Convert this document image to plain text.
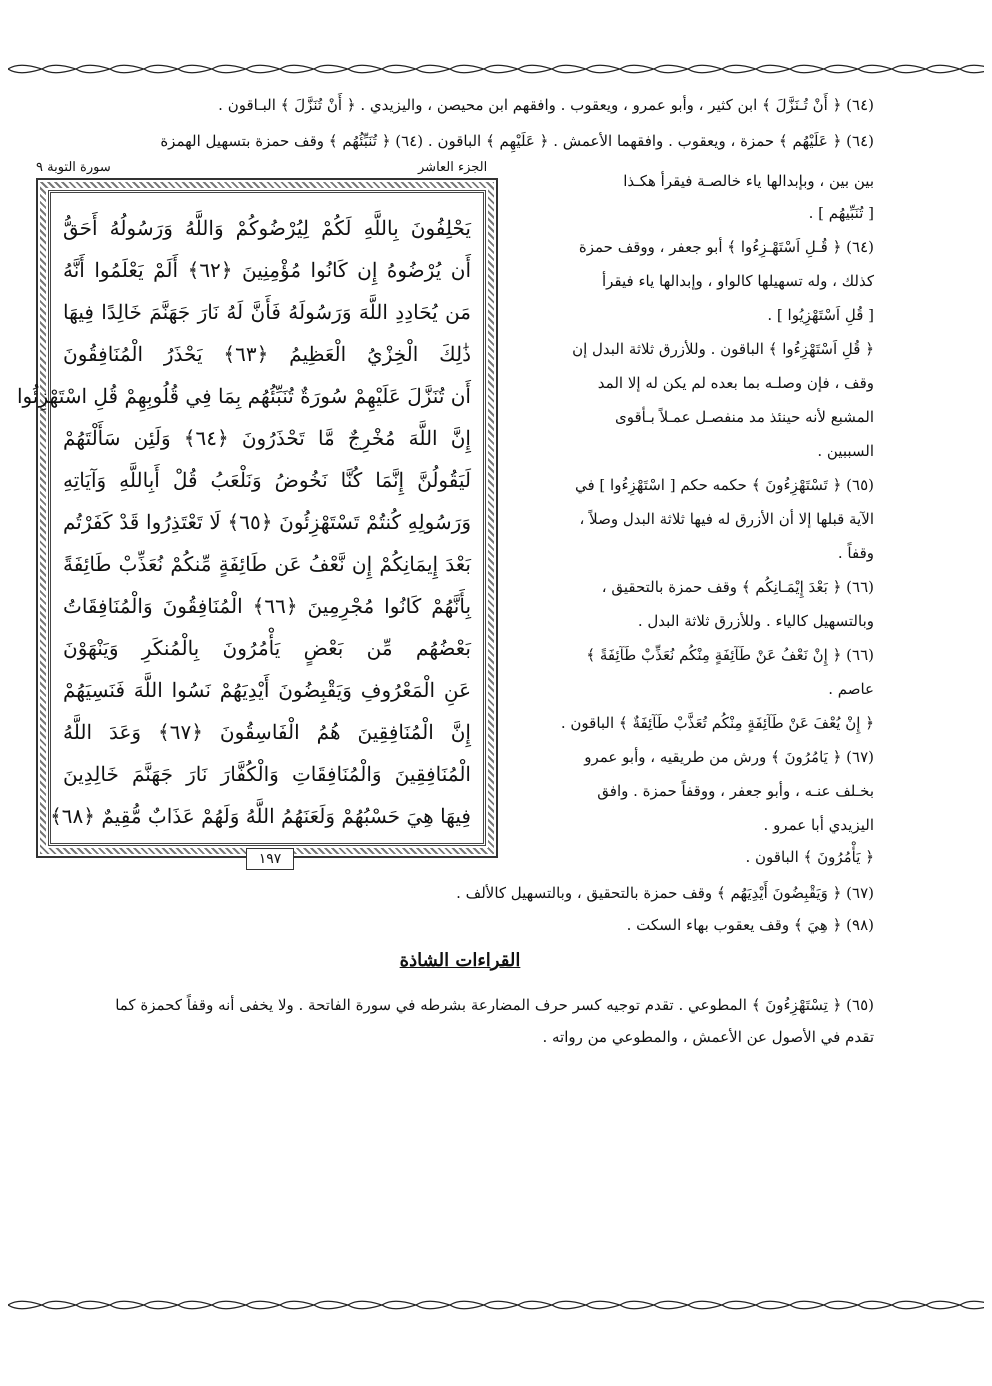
(٦٤) ﴿ أَنْ تُـنَزَّلَ ﴾ ابن كثير ، وأبو عمرو ، ويعقوب . وافقهم ابن محيصن ، واليزيدي . ﴿ أَنْ تُنَزَّلَ ﴾ البـاقون .
(٦٤) ﴿ عَلَيْهُم ﴾ حمزة ، ويعقوب . وافقهما الأعمش . ﴿ عَلَيْهِم ﴾ الباقون . (٦٤) ﴿ تُنَبِّئُهُم ﴾ وقف حمزة بتسهيل الهمزة
الجزء العاشر
سورة التوبة ٩
يَحْلِفُونَ بِاللَّهِ لَكُمْ لِيُرْضُوكُمْ وَاللَّهُ وَرَسُولُهُ أَحَقُّ
أَن يُرْضُوهُ إِن كَانُوا مُؤْمِنِينَ ﴿٦٢﴾ أَلَمْ يَعْلَمُوا أَنَّهُ
مَن يُحَادِدِ اللَّهَ وَرَسُولَهُ فَأَنَّ لَهُ نَارَ جَهَنَّمَ خَالِدًا فِيهَا
ذَٰلِكَ الْخِزْيُ الْعَظِيمُ ﴿٦٣﴾ يَحْذَرُ الْمُنَافِقُونَ
أَن تُنَزَّلَ عَلَيْهِمْ سُورَةٌ تُنَبِّئُهُم بِمَا فِي قُلُوبِهِمْ قُلِ اسْتَهْزِئُوا
إِنَّ اللَّهَ مُخْرِجٌ مَّا تَحْذَرُونَ ﴿٦٤﴾ وَلَئِن سَأَلْتَهُمْ
لَيَقُولُنَّ إِنَّمَا كُنَّا نَخُوضُ وَنَلْعَبُ قُلْ أَبِاللَّهِ وَآيَاتِهِ
وَرَسُولِهِ كُنتُمْ تَسْتَهْزِئُونَ ﴿٦٥﴾ لَا تَعْتَذِرُوا قَدْ كَفَرْتُم
بَعْدَ إِيمَانِكُمْ إِن نَّعْفُ عَن طَائِفَةٍ مِّنكُمْ نُعَذِّبْ طَائِفَةً
بِأَنَّهُمْ كَانُوا مُجْرِمِينَ ﴿٦٦﴾ الْمُنَافِقُونَ وَالْمُنَافِقَاتُ
بَعْضُهُم مِّن بَعْضٍ يَأْمُرُونَ بِالْمُنكَرِ وَيَنْهَوْنَ
عَنِ الْمَعْرُوفِ وَيَقْبِضُونَ أَيْدِيَهُمْ نَسُوا اللَّهَ فَنَسِيَهُمْ
إِنَّ الْمُنَافِقِينَ هُمُ الْفَاسِقُونَ ﴿٦٧﴾ وَعَدَ اللَّهُ
الْمُنَافِقِينَ وَالْمُنَافِقَاتِ وَالْكُفَّارَ نَارَ جَهَنَّمَ خَالِدِينَ
فِيهَا هِيَ حَسْبُهُمْ وَلَعَنَهُمُ اللَّهُ وَلَهُمْ عَذَابٌ مُّقِيمٌ ﴿٦٨﴾
١٩٧
بين بين ، وبإبدالها ياء خالصـة فيقرأ هكـذا
[ تُنَبِّيهُم ] .
(٦٤) ﴿ قُـلِ اَسْتَهْـزِءُوا ﴾ أبو جعفر ، ووقف حمزة
كذلك ، وله تسهيلها كالواو ، وإبدالها ياء فيقرأ
[ قُلِ اَسْتَهْزِيُوا ] .
﴿ قُلِ اَسْتَهْزِءُوا ﴾ الباقون . وللأزرق ثلاثة البدل إن
وقف ، فإن وصلـه بما بعده لم يكن له إلا المد
المشبع لأنه حينئذ مد منفصـل عمـلاً بـأقوى
السببين .
(٦٥) ﴿ تَسْتَهْزِءُونَ ﴾ حكمه حكم [ اسْتَهْزِءُوا ] في
الآية قبلها إلا أن الأزرق له فيها ثلاثة البدل وصلاً ،
وقفاً .
(٦٦) ﴿ بَعْدَ إِيْمَـانِكُم ﴾ وقف حمزة بالتحقيق ،
وبالتسهيل كالياء . وللأزرق ثلاثة البدل .
(٦٦) ﴿ إِنْ نَعْفُ عَنْ طَآئِفَةٍ مِنْكُم نُعَذِّبْ طَآئِفَةً ﴾
عاصم .
﴿ إِنْ يُعْفَ عَنْ طَآئِفَةٍ مِنْكُم تُعَذَّبْ طَآئِفَةٌ ﴾ الباقون .
(٦٧) ﴿ يَامُرُونَ ﴾ ورش من طريقيه ، وأبو عمرو
بخـلف عنـه ، وأبو جعفر ، ووقفاً حمزة . وافق
اليزيدي أبا عمرو .
﴿ يَأْمُرُونَ ﴾ الباقون .
(٦٧) ﴿ وَيَقْبِضُونَ أَيْدِيَهُم ﴾ وقف حمزة بالتحقيق ، وبالتسهيل كالألف .
(٩٨) ﴿ هِيَ ﴾ وقف يعقوب بهاء السكت .
القراءات الشاذة
(٦٥) ﴿ تِسْتَهْزِءُونَ ﴾ المطوعي . تقدم توجيه كسر حرف المضارعة بشرطه في سورة الفاتحة . ولا يخفى أنه وقفاً كحمزة كما
تقدم في الأصول عن الأعمش ، والمطوعي من رواته .
